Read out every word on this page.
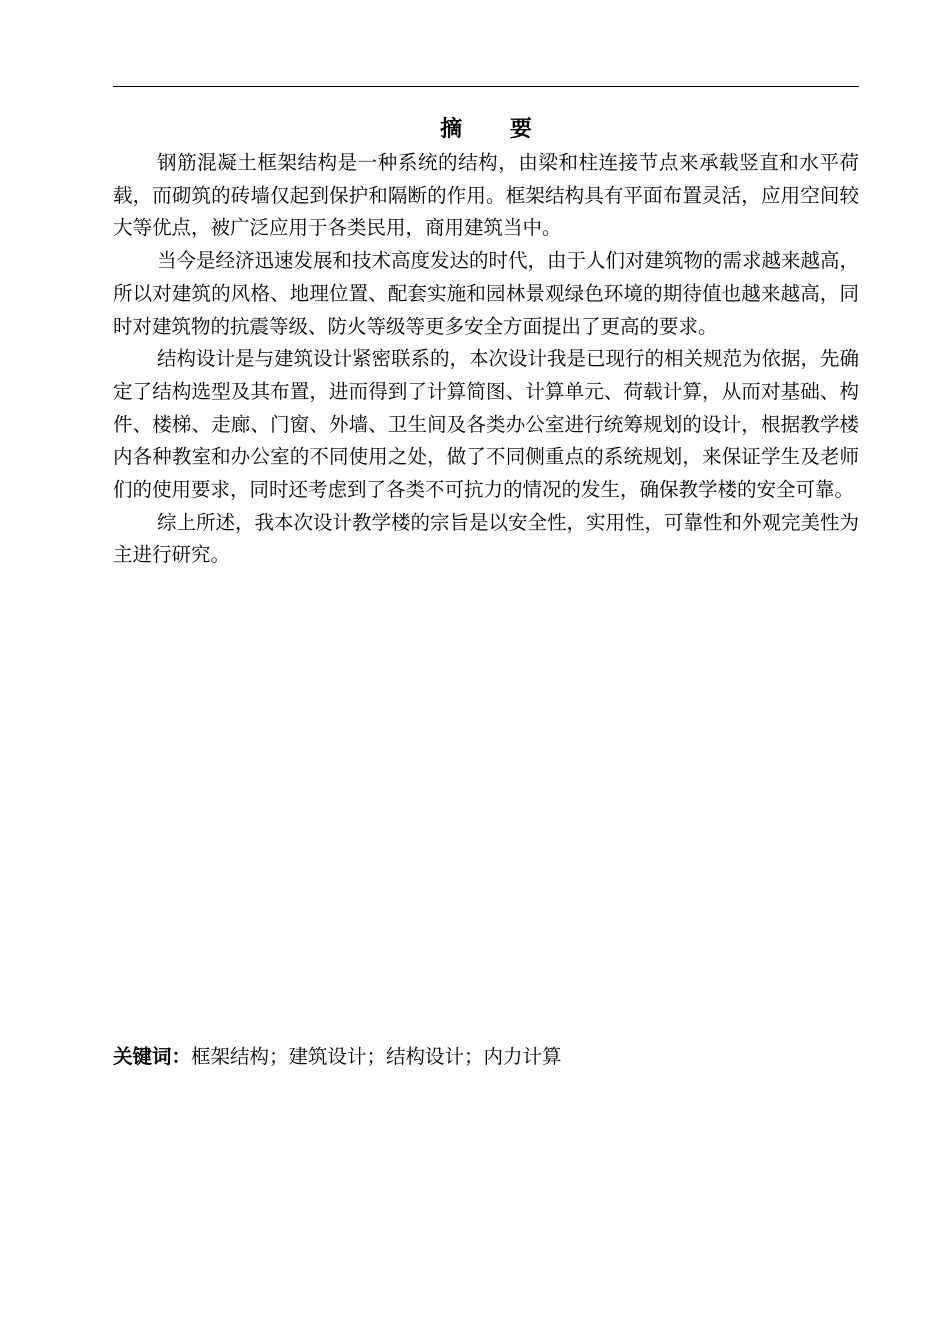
摘 要

钢筋混凝土框架结构是一种系统的结构，由梁和柱连接节点来承载竖直和水平荷载，而砌筑的砖墙仅起到保护和隔断的作用。框架结构具有平面布置灵活，应用空间较大等优点，被广泛应用于各类民用，商用建筑当中。

当今是经济迅速发展和技术高度发达的时代，由于人们对建筑物的需求越来越高，所以对建筑的风格、地理位置、配套实施和园林景观绿色环境的期待值也越来越高，同时对建筑物的抗震等级、防火等级等更多安全方面提出了更高的要求。

结构设计是与建筑设计紧密联系的，本次设计我是已现行的相关规范为依据，先确定了结构选型及其布置，进而得到了计算简图、计算单元、荷载计算，从而对基础、构件、楼梯、走廊、门窗、外墙、卫生间及各类办公室进行统筹规划的设计，根据教学楼内各种教室和办公室的不同使用之处，做了不同侧重点的系统规划，来保证学生及老师们的使用要求，同时还考虑到了各类不可抗力的情况的发生，确保教学楼的安全可靠。

综上所述，我本次设计教学楼的宗旨是以安全性，实用性，可靠性和外观完美性为主进行研究。

关键词：框架结构；建筑设计；结构设计；内力计算
